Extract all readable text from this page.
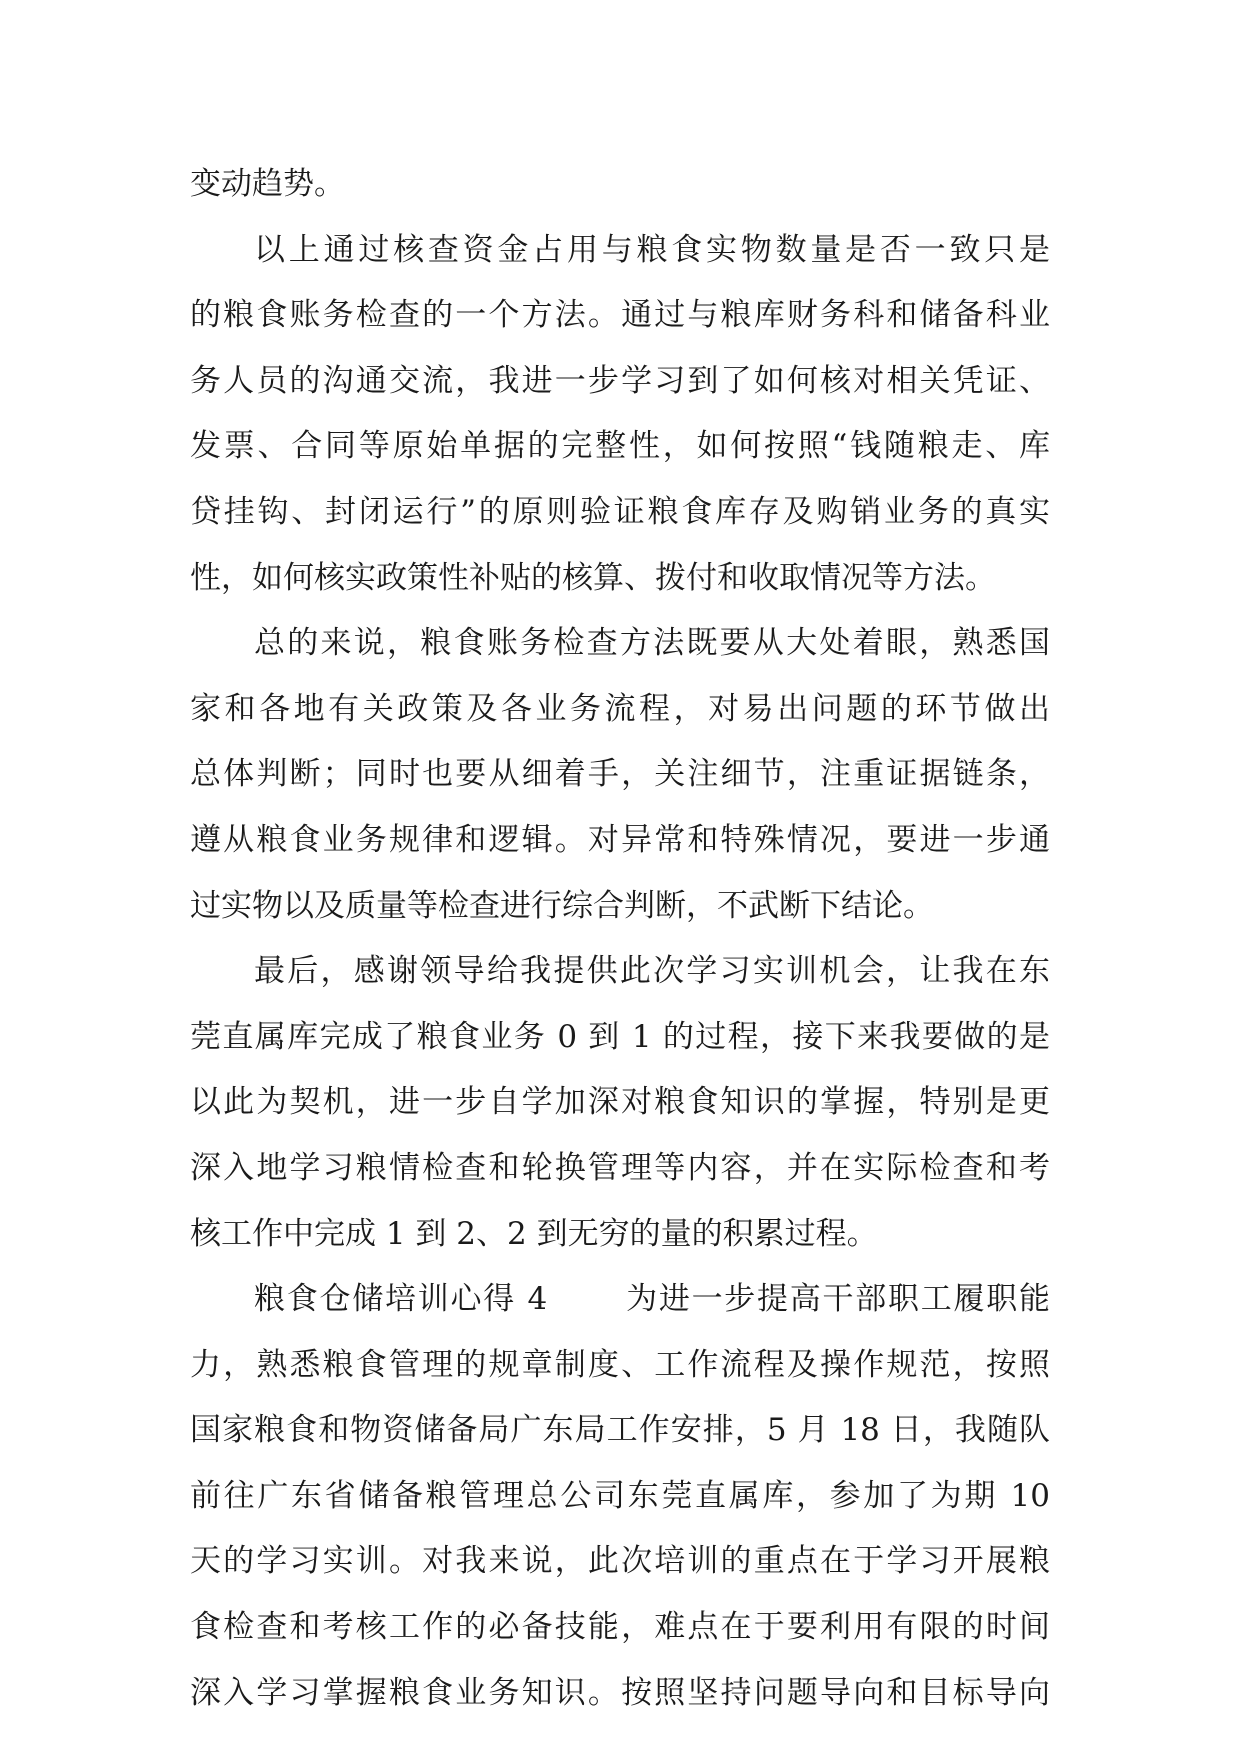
变动趋势。
以上通过核查资金占用与粮食实物数量是否一致只是
的粮食账务检查的一个方法。通过与粮库财务科和储备科业
务人员的沟通交流，我进一步学习到了如何核对相关凭证、
发票、合同等原始单据的完整性，如何按照“钱随粮走、库
贷挂钩、封闭运行”的原则验证粮食库存及购销业务的真实
性，如何核实政策性补贴的核算、拨付和收取情况等方法。
总的来说，粮食账务检查方法既要从大处着眼，熟悉国
家和各地有关政策及各业务流程，对易出问题的环节做出
总体判断；同时也要从细着手，关注细节，注重证据链条，
遵从粮食业务规律和逻辑。对异常和特殊情况，要进一步通
过实物以及质量等检查进行综合判断，不武断下结论。
最后，感谢领导给我提供此次学习实训机会，让我在东
莞直属库完成了粮食业务 0 到 1 的过程，接下来我要做的是
以此为契机，进一步自学加深对粮食知识的掌握，特别是更
深入地学习粮情检查和轮换管理等内容，并在实际检查和考
核工作中完成 1 到 2、2 到无穷的量的积累过程。
粮食仓储培训心得 4　　 为进一步提高干部职工履职能
力，熟悉粮食管理的规章制度、工作流程及操作规范，按照
国家粮食和物资储备局广东局工作安排，5 月 18 日，我随队
前往广东省储备粮管理总公司东莞直属库，参加了为期 10
天的学习实训。对我来说，此次培训的重点在于学习开展粮
食检查和考核工作的必备技能，难点在于要利用有限的时间
深入学习掌握粮食业务知识。按照坚持问题导向和目标导向
